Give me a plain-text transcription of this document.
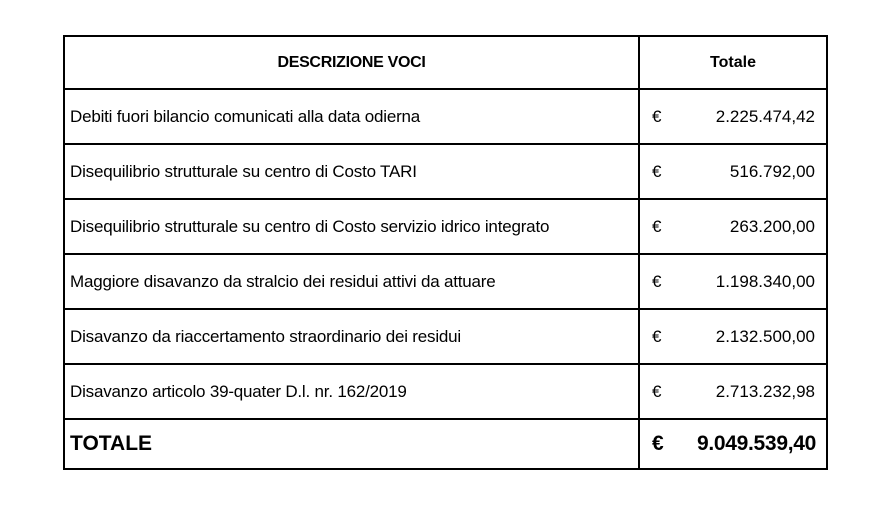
DESCRIZIONE VOCI	Totale
Debiti fuori bilancio comunicati alla data odierna	€ 2.225.474,42

Disequilibrio strutturale su centro di Costo TARI	€ 516.792,00

Disequilibrio strutturale su centro di Costo servizio idrico integrato	€ 263.200,00

Maggiore disavanzo da stralcio dei residui attivi da attuare	€ 1.198.340,00

Disavanzo da riaccertamento straordinario dei residui	€ 2.132.500,00

Disavanzo articolo 39-quater D.l. nr. 162/2019	€ 2.713.232,98

TOTALE	€ 9.049.539,40
